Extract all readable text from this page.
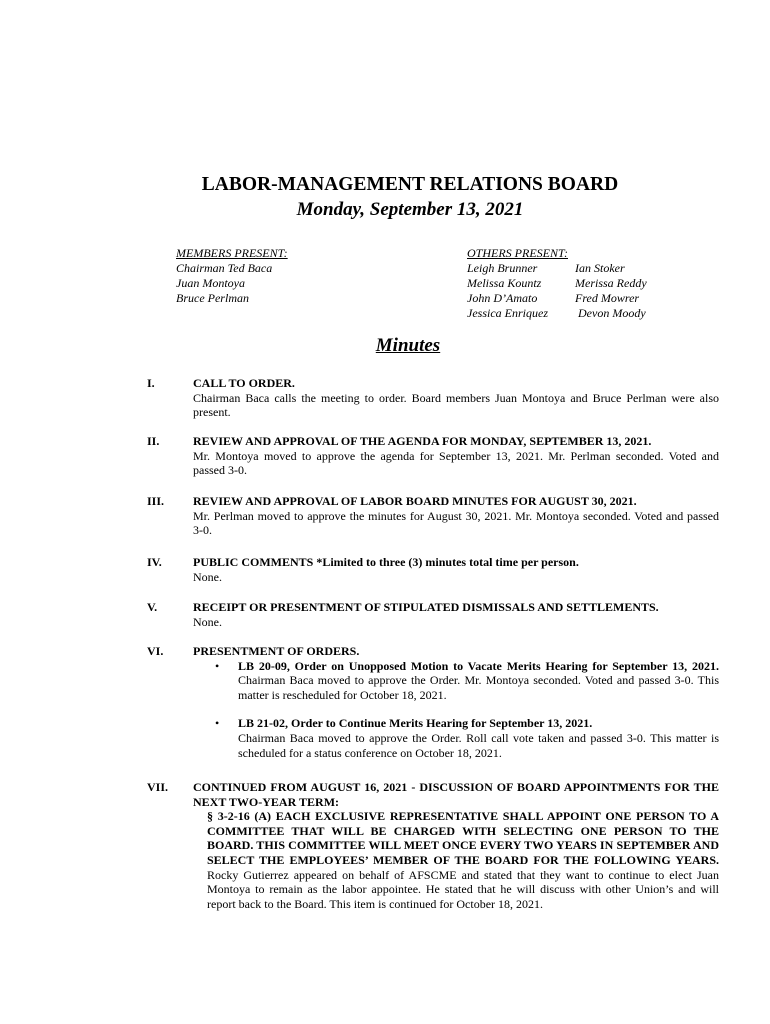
LABOR-MANAGEMENT RELATIONS BOARD
Monday, September 13, 2021
MEMBERS PRESENT:
Chairman Ted Baca
Juan Montoya
Bruce Perlman
OTHERS PRESENT:
Leigh Brunner	Ian Stoker
Melissa Kountz	Merissa Reddy
John D’Amato	Fred Mowrer
Jessica Enriquez	Devon Moody
Minutes
I.	CALL TO ORDER.
Chairman Baca calls the meeting to order. Board members Juan Montoya and Bruce Perlman were also present.
II.	REVIEW AND APPROVAL OF THE AGENDA FOR MONDAY, SEPTEMBER 13, 2021.
Mr. Montoya moved to approve the agenda for September 13, 2021. Mr. Perlman seconded. Voted and passed 3-0.
III. REVIEW AND APPROVAL OF LABOR BOARD MINUTES FOR AUGUST 30, 2021.
Mr. Perlman moved to approve the minutes for August 30, 2021. Mr. Montoya seconded. Voted and passed 3-0.
IV.	PUBLIC COMMENTS *Limited to three (3) minutes total time per person.
None.
V.	RECEIPT OR PRESENTMENT OF STIPULATED DISMISSALS AND SETTLEMENTS.
None.
VI. PRESENTMENT OF ORDERS.
• LB 20-09, Order on Unopposed Motion to Vacate Merits Hearing for September 13, 2021. Chairman Baca moved to approve the Order. Mr. Montoya seconded. Voted and passed 3-0. This matter is rescheduled for October 18, 2021.
• LB 21-02, Order to Continue Merits Hearing for September 13, 2021.
Chairman Baca moved to approve the Order. Roll call vote taken and passed 3-0. This matter is scheduled for a status conference on October 18, 2021.
VII. CONTINUED FROM AUGUST 16, 2021 - DISCUSSION OF BOARD APPOINTMENTS FOR THE NEXT TWO-YEAR TERM:
§ 3-2-16 (A) EACH EXCLUSIVE REPRESENTATIVE SHALL APPOINT ONE PERSON TO A COMMITTEE THAT WILL BE CHARGED WITH SELECTING ONE PERSON TO THE BOARD. THIS COMMITTEE WILL MEET ONCE EVERY TWO YEARS IN SEPTEMBER AND SELECT THE EMPLOYEES’ MEMBER OF THE BOARD FOR THE FOLLOWING YEARS. Rocky Gutierrez appeared on behalf of AFSCME and stated that they want to continue to elect Juan Montoya to remain as the labor appointee. He stated that he will discuss with other Union’s and will report back to the Board. This item is continued for October 18, 2021.
